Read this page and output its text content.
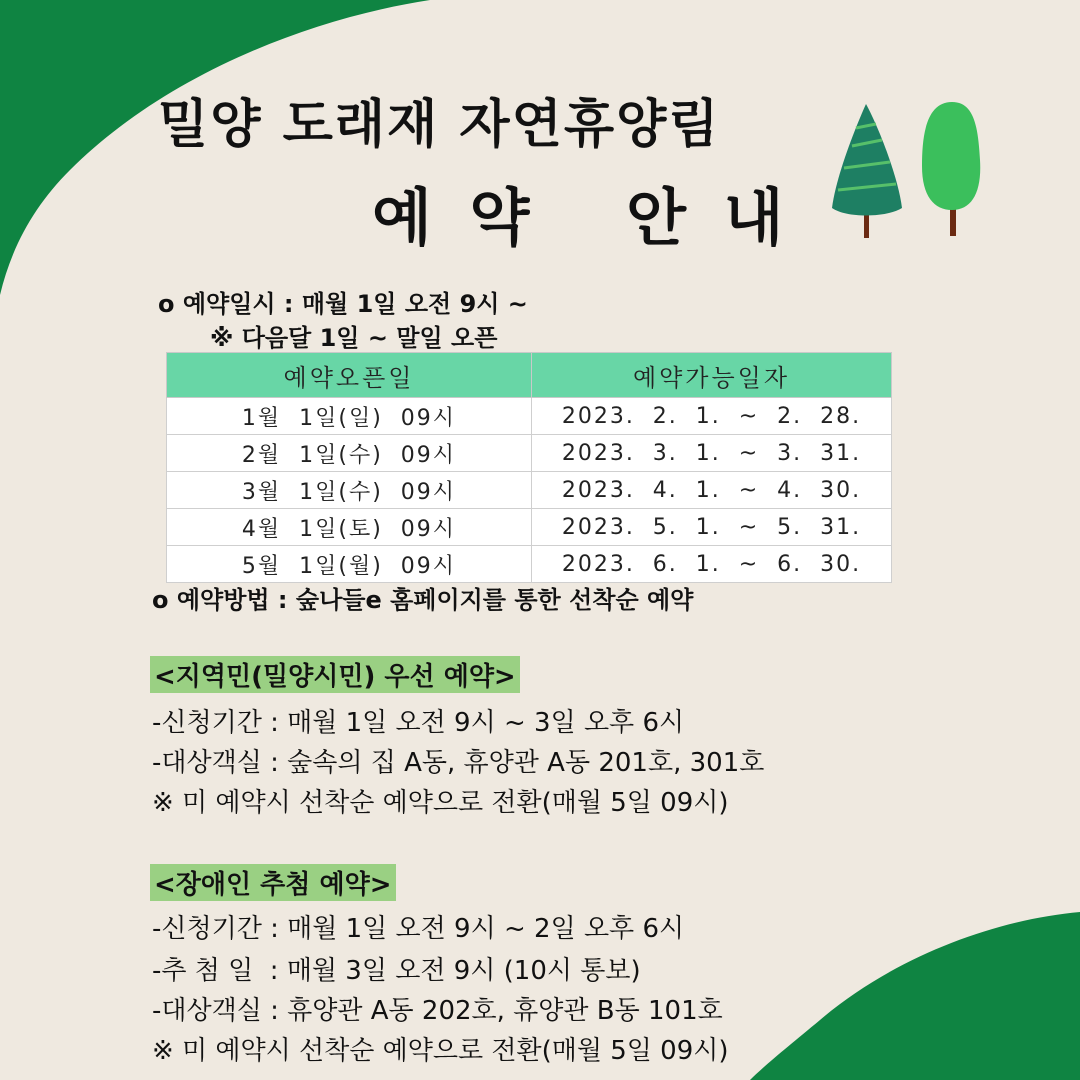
밀양 도래재 자연휴양림
예 약   안 내
o 예약일시 : 매월 1일 오전 9시 ~
※ 다음달 1일 ~ 말일 오픈
예약오픈일	예약가능일자
1월  1일(일)  09시	2023.  2.  1.  ~  2.  28.
2월  1일(수)  09시	2023.  3.  1.  ~  3.  31.
3월  1일(수)  09시	2023.  4.  1.  ~  4.  30.
4월  1일(토)  09시	2023.  5.  1.  ~  5.  31.
5월  1일(월)  09시	2023.  6.  1.  ~  6.  30.
o 예약방법 : 숲나들e 홈페이지를 통한 선착순 예약
<지역민(밀양시민) 우선 예약>
-신청기간 : 매월 1일 오전 9시 ~ 3일 오후 6시
-대상객실 : 숲속의 집 A동, 휴양관 A동 201호, 301호
※ 미 예약시 선착순 예약으로 전환(매월 5일 09시)
<장애인 추첨 예약>
-신청기간 : 매월 1일 오전 9시 ~ 2일 오후 6시
-추 첨 일  : 매월 3일 오전 9시 (10시 통보)
-대상객실 : 휴양관 A동 202호, 휴양관 B동 101호
※ 미 예약시 선착순 예약으로 전환(매월 5일 09시)
